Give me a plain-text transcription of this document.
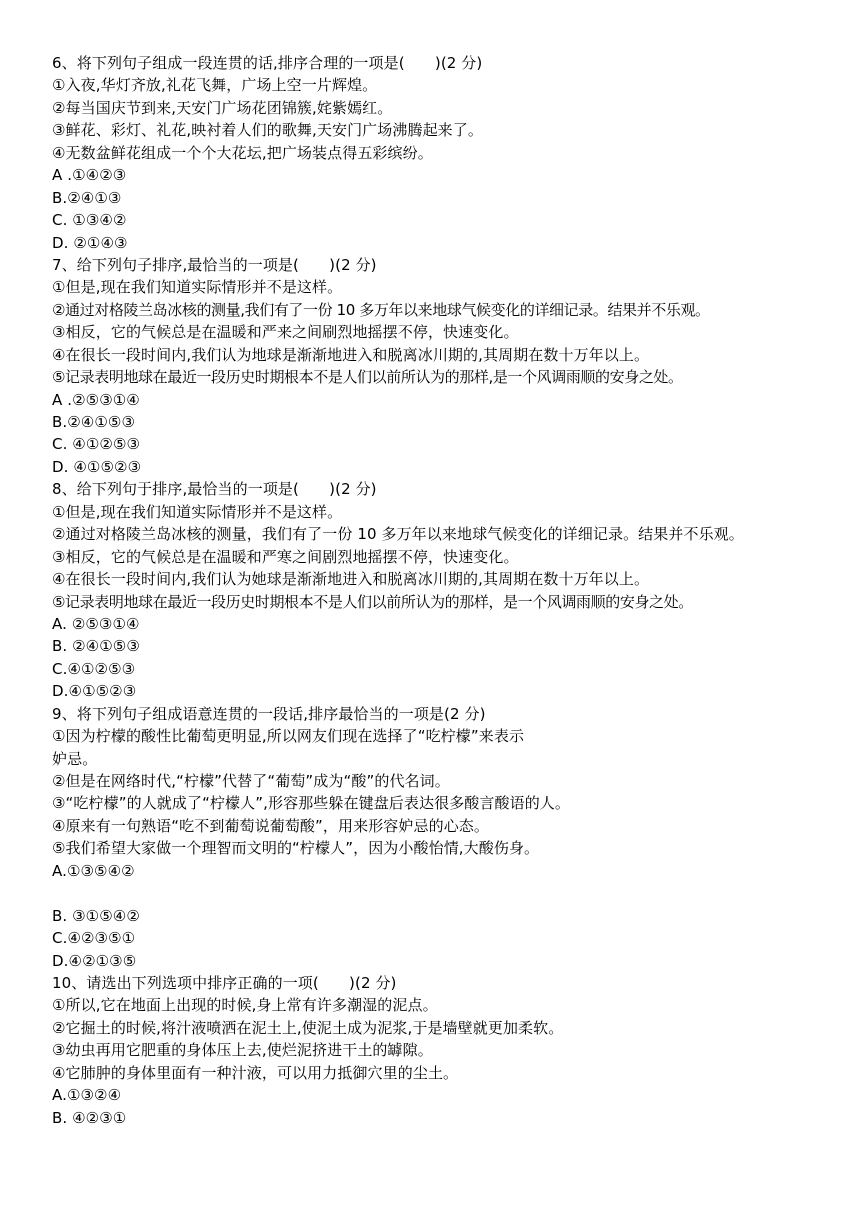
6、将下列句子组成一段连贯的话,排序合理的一项是(　　)(2 分)
①入夜,华灯齐放,礼花飞舞，广场上空一片辉煌。
②每当国庆节到来,天安门广场花团锦簇,姹紫嫣红。
③鲜花、彩灯、礼花,映衬着人们的歌舞,天安门广场沸腾起来了。
④无数盆鲜花组成一个个大花坛,把广场装点得五彩缤纷。
A .①④②③
B.②④①③
C. ①③④②
D. ②①④③
7、给下列句子排序,最恰当的一项是(　　)(2 分)
①但是,现在我们知道实际情形并不是这样。
②通过对格陵兰岛冰核的测量,我们有了一份 10 多万年以来地球气候变化的详细记录。结果并不乐观。
③相反，它的气候总是在温暖和严来之间刷烈地摇摆不停，快速变化。
④在很长一段时间内,我们认为地球是渐渐地进入和脱离冰川期的,其周期在数十万年以上。
⑤记录表明地球在最近一段历史时期根本不是人们以前所认为的那样,是一个风调雨顺的安身之处。
A .②⑤③①④
B.②④①⑤③
C. ④①②⑤③
D. ④①⑤②③
8、给下列句于排序,最恰当的一项是(　　)(2 分)
①但是,现在我们知道实际情形并不是这样。
②通过对格陵兰岛冰核的测量，我们有了一份 10 多万年以来地球气候变化的详细记录。结果并不乐观。
③相反，它的气候总是在温暖和严寒之间剧烈地摇摆不停，快速变化。
④在很长一段时间内,我们认为她球是渐渐地进入和脱离冰川期的,其周期在数十万年以上。
⑤记录表明地球在最近一段历史时期根本不是人们以前所认为的那样，是一个风调雨顺的安身之处。
A. ②⑤③①④
B. ②④①⑤③
C.④①②⑤③
D.④①⑤②③
9、将下列句子组成语意连贯的一段话,排序最恰当的一项是(2 分)
①因为柠檬的酸性比葡萄更明显,所以网友们现在选择了“吃柠檬”来表示
妒忌。
②但是在网络时代,“柠檬”代替了“葡萄”成为“酸”的代名词。
③“吃柠檬”的人就成了“柠檬人”,形容那些躲在键盘后表达很多酸言酸语的人。
④原来有一句熟语“吃不到葡萄说葡萄酸”，用来形容妒忌的心态。
⑤我们希望大家做一个理智而文明的“柠檬人”，因为小酸怡情,大酸伤身。
A.①③⑤④②
B. ③①⑤④②
C.④②③⑤①
D.④②①③⑤
10、请选出下列选项中排序正确的一项(　　)(2 分)
①所以,它在地面上出现的时候,身上常有许多潮湿的泥点。
②它掘土的时候,将汁液喷洒在泥土上,使泥土成为泥浆,于是墙壁就更加柔软。
③幼虫再用它肥重的身体压上去,使烂泥挤进干土的罅隙。
④它肺肿的身体里面有一种汁液，可以用力抵御穴里的尘土。
A.①③②④
B. ④②③①
